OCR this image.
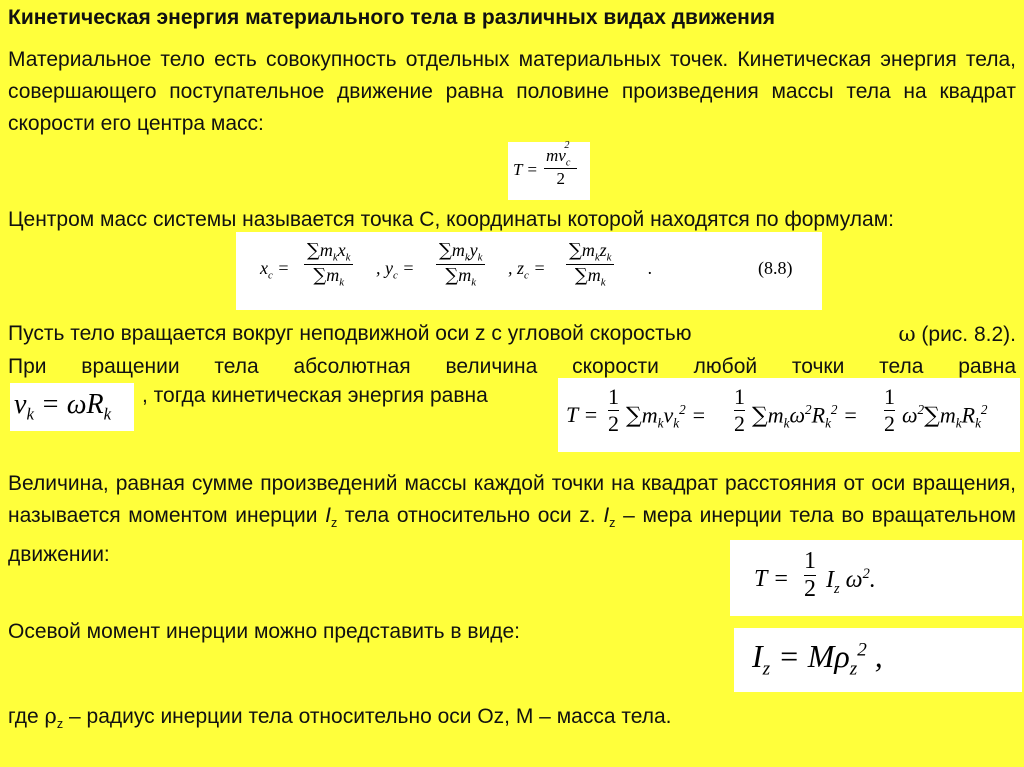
Кинетическая энергия материального тела в различных видах движения
Материальное тело есть совокупность отдельных материальных точек. Кинетическая энергия тела, совершающего поступательное движение равна половине произведения массы тела на квадрат скорости его центра масс:
T =
$mv_c^2$
2
Центром масс системы называется точка С, координаты которой находятся по формулам:
$x_c$ =
$\sum m_kx_k$
$\sum m_k$
, $y_c$ =
$\sum m_ky_k$
$\sum m_k$
, $z_c$ =
$\sum m_kz_k$
$\sum m_k$
.	(8.8)
Пусть тело вращается вокруг неподвижной оси z с угловой скоростью	ω (рис. 8.2).
При вращении тела абсолютная величина скорости любой точки тела равна
$v_k = \omega R_k$
, тогда кинетическая энергия равна
T =
1
2 $\sum m_kv_k^2$ =
1
2 $\sum m_k\omega^2R_k^2$ =
1
2 $\omega^2\sum m_kR_k^2$
Величина, равная сумме произведений массы каждой точки на квадрат расстояния от оси вращения, называется моментом инерции $I_z$ тела относительно оси z. $I_z$ – мера инерции тела во вращательном движении:
T =
1
2 $I_z$ $\omega^2$.
Осевой момент инерции можно представить в виде:
$I_z = M\rho_z^2$ ,
где $\rho_z$ – радиус инерции тела относительно оси Oz, M – масса тела.
